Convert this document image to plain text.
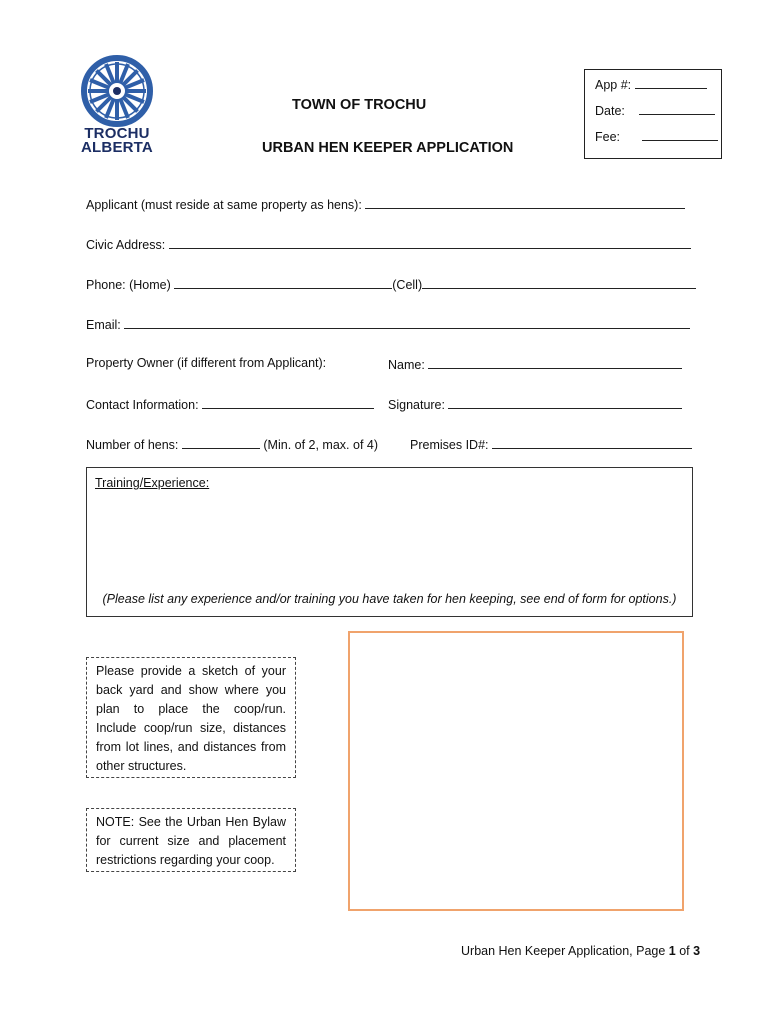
TROCHU
ALBERTA
TOWN OF TROCHU
URBAN HEN KEEPER APPLICATION
App #:
Date:
Fee:
Applicant (must reside at same property as hens):
Civic Address:
Phone: (Home)	(Cell)
Email:
Property Owner (if different from Applicant):	Name:
Contact Information:	Signature:
Number of hens:	(Min. of 2, max. of 4)	Premises ID#:
Training/Experience:
(Please list any experience and/or training you have taken for hen keeping, see end of form for options.)
Please provide a sketch of your back yard and show where you plan to place the coop/run. Include coop/run size, distances from lot lines, and distances from other structures.
NOTE: See the Urban Hen Bylaw for current size and placement restrictions regarding your coop.
Urban Hen Keeper Application, Page 1 of 3
